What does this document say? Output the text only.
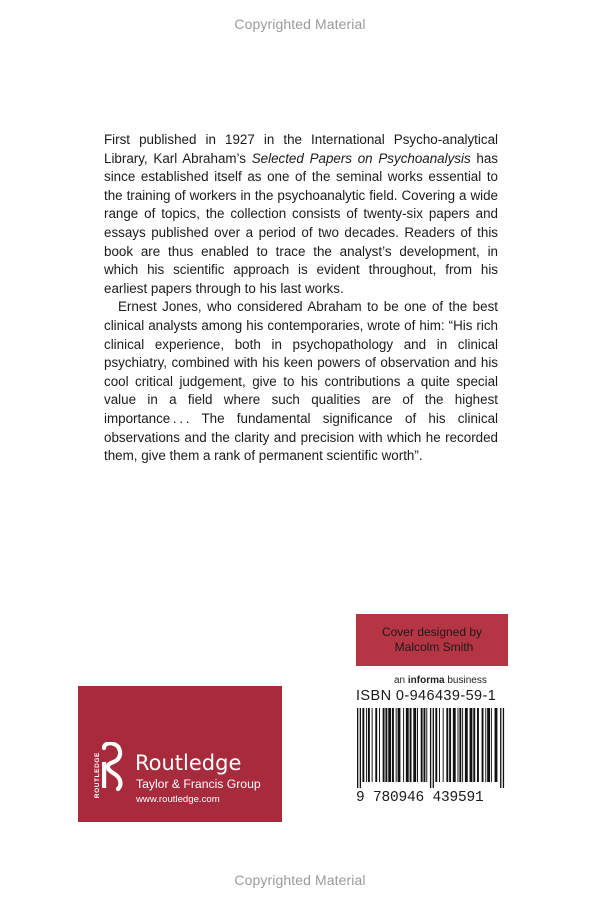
Copyrighted Material

First published in 1927 in the International Psycho-analytical Library, Karl Abraham’s Selected Papers on Psychoanalysis has since established itself as one of the seminal works essential to the training of workers in the psychoanalytic field. Covering a wide range of topics, the collection consists of twenty-six papers and essays published over a period of two decades. Readers of this book are thus enabled to trace the analyst’s development, in which his scientific approach is evident throughout, from his earliest papers through to his last works.

Ernest Jones, who considered Abraham to be one of the best clinical analysts among his contemporaries, wrote of him: “His rich clinical experience, both in psychopathology and in clinical psychiatry, combined with his keen powers of observation and his cool critical judgement, give to his contributions a quite special value in a field where such qualities are of the highest importance . . . The fundamental significance of his clinical observations and the clarity and precision with which he recorded them, give them a rank of permanent scientific worth”.

Cover designed by
Malcolm Smith
an informa business
ISBN 0-946439-59-1
9 780946 439591
ROUTLEDGE Routledge
Taylor & Francis Group
www.routledge.com
Copyrighted Material
